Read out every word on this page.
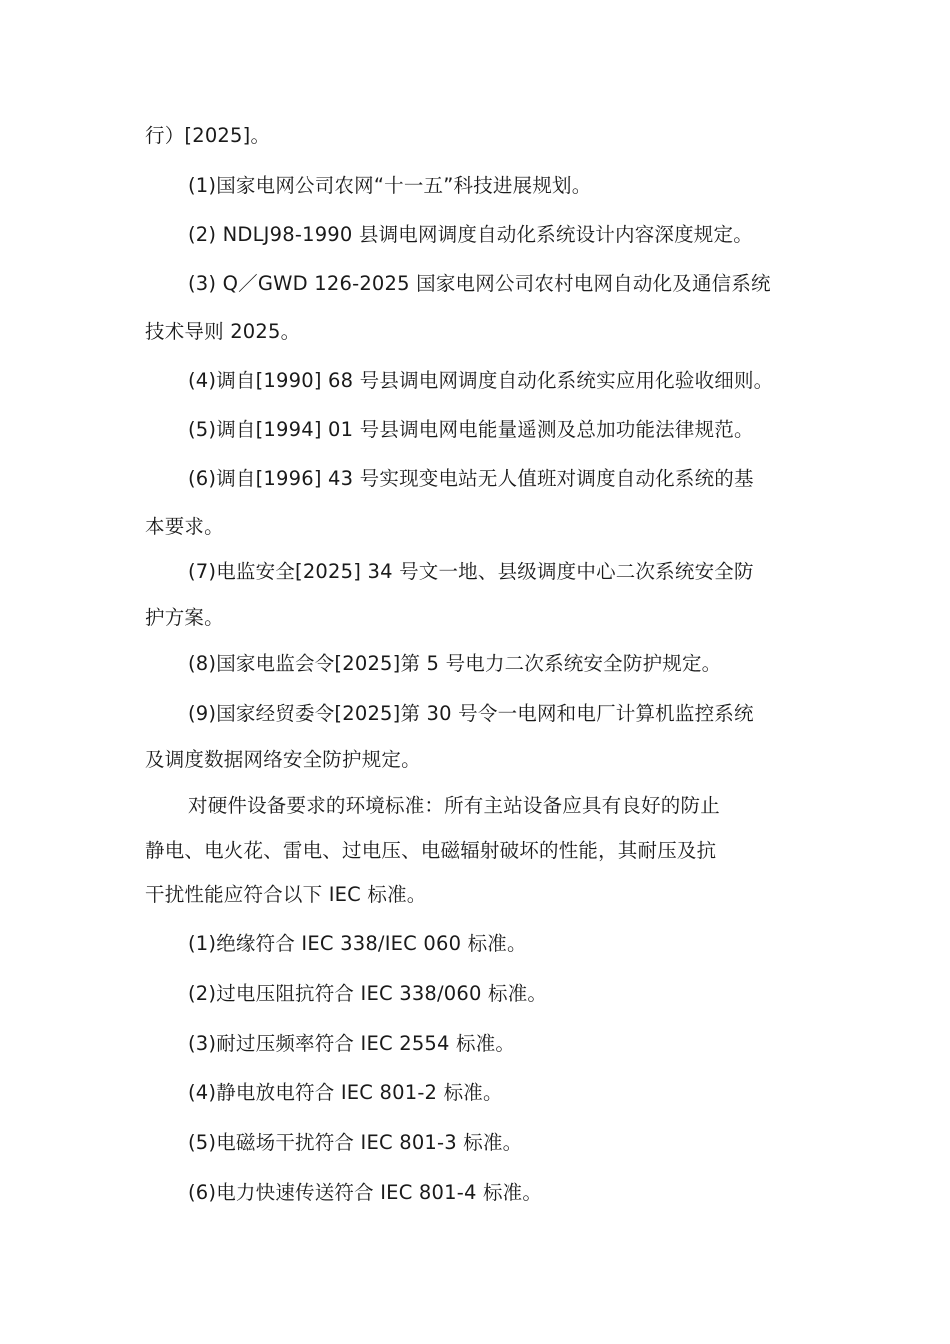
行）[2025]。
(1)国家电网公司农网“十一五”科技进展规划。
(2) NDLJ98-1990 县调电网调度自动化系统设计内容深度规定。
(3) Q／GWD 126-2025 国家电网公司农村电网自动化及通信系统
技术导则 2025。
(4)调自[1990] 68 号县调电网调度自动化系统实应用化验收细则。
(5)调自[1994] 01 号县调电网电能量遥测及总加功能法律规范。
(6)调自[1996] 43 号实现变电站无人值班对调度自动化系统的基
本要求。
(7)电监安全[2025] 34 号文一地、县级调度中心二次系统安全防
护方案。
(8)国家电监会令[2025]第 5 号电力二次系统安全防护规定。
(9)国家经贸委令[2025]第 30 号令一电网和电厂计算机监控系统
及调度数据网络安全防护规定。
对硬件设备要求的环境标准：所有主站设备应具有良好的防止
静电、电火花、雷电、过电压、电磁辐射破坏的性能，其耐压及抗
干扰性能应符合以下 IEC 标准。
(1)绝缘符合 IEC 338/IEC 060 标准。
(2)过电压阻抗符合 IEC 338/060 标准。
(3)耐过压频率符合 IEC 2554 标准。
(4)静电放电符合 IEC 801-2 标准。
(5)电磁场干扰符合 IEC 801-3 标准。
(6)电力快速传送符合 IEC 801-4 标准。
